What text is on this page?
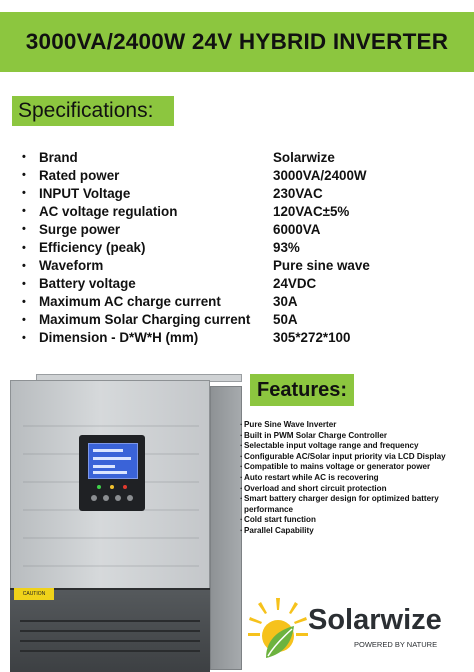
3000VA/2400W 24V HYBRID INVERTER
Specifications:
• Brand	Solarwize
• Rated power	3000VA/2400W
• INPUT Voltage	230VAC
• AC voltage regulation	120VAC±5%
• Surge power	6000VA
• Efficiency (peak)	93%
• Waveform	Pure sine wave
• Battery voltage	24VDC
• Maximum AC charge current	30A
• Maximum Solar Charging current	50A
• Dimension - D*W*H (mm)	305*272*100
CAUTION
Features:
· Pure Sine Wave Inverter
· Built in PWM Solar Charge Controller
· Selectable input voltage range and frequency
· Configurable AC/Solar input priority via LCD Display
· Compatible to mains voltage or generator power
· Auto restart while AC is recovering
· Overload and short circuit protection
· Smart battery charger design for optimized battery performance
· Cold start function
· Parallel Capability
Solarwize
POWERED BY NATURE
